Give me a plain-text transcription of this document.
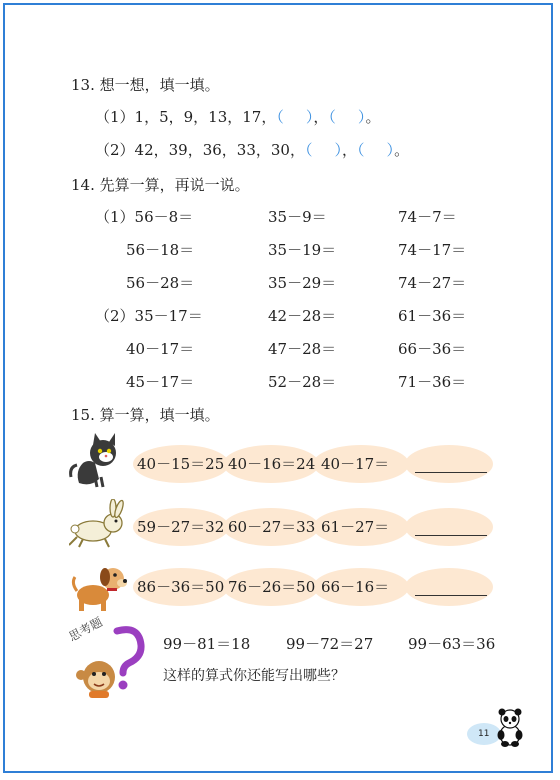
13. 想一想，填一填。
（1）1，5，9，13，17，（ ），（ ）。
（2）42，39，36，33，30，（ ），（ ）。
14. 先算一算，再说一说。
（1）56－8＝	35－9＝	74－7＝
56－18＝	35－19＝	74－17＝
56－28＝	35－29＝	74－27＝
（2）35－17＝	42－28＝	61－36＝
40－17＝	47－28＝	66－36＝
45－17＝	52－28＝	71－36＝
15. 算一算，填一填。
40－15＝25 40－16＝24 40－17＝
59－27＝32 60－27＝33 61－27＝
86－36＝50 76－26＝50 66－16＝
思考题	99－81＝18 99－72＝27 99－63＝36
这样的算式你还能写出哪些？
11
